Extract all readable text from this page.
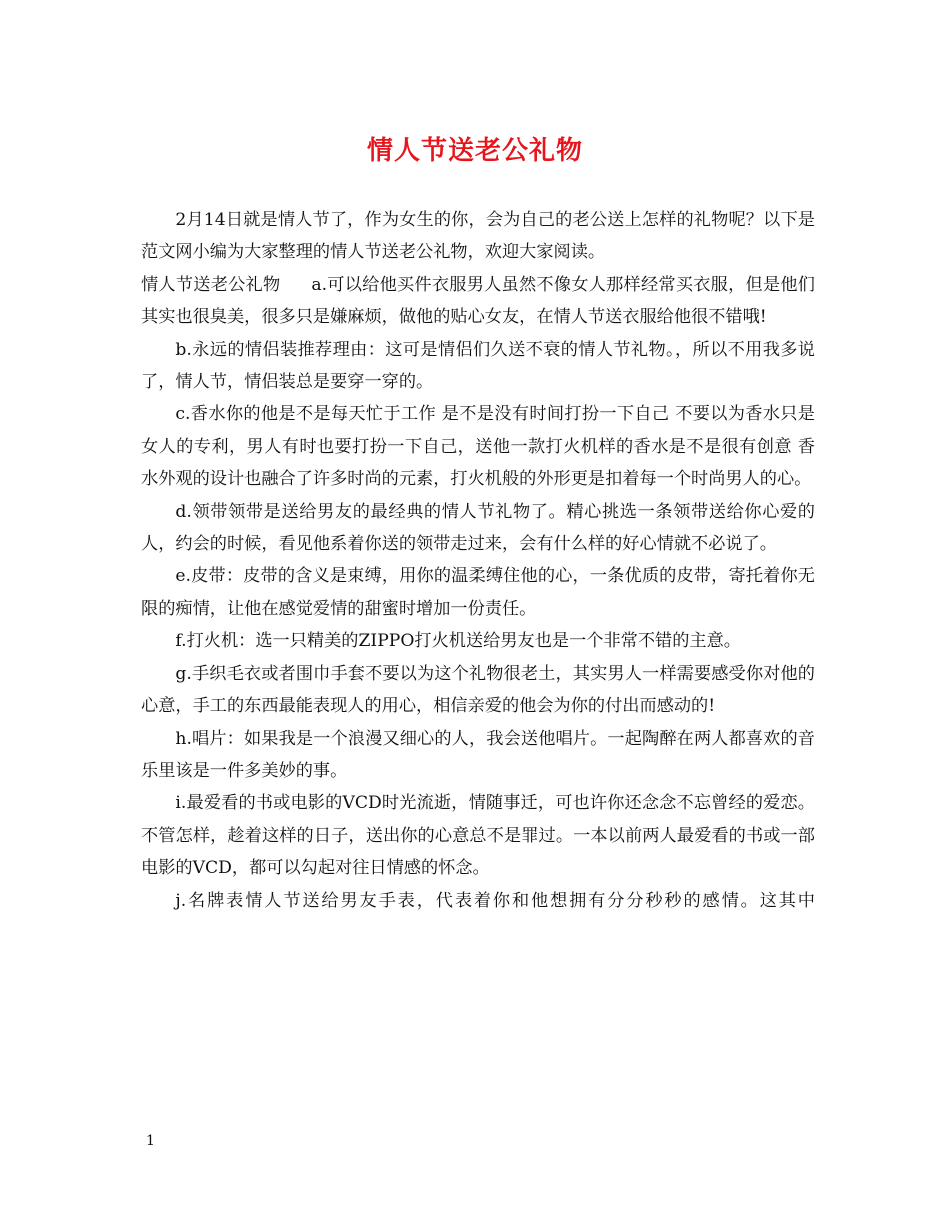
情人节送老公礼物

2月14日就是情人节了，作为女生的你，会为自己的老公送上怎样的礼物呢？以下是范文网小编为大家整理的情人节送老公礼物，欢迎大家阅读。

情人节送老公礼物 a.可以给他买件衣服男人虽然不像女人那样经常买衣服，但是他们其实也很臭美，很多只是嫌麻烦，做他的贴心女友，在情人节送衣服给他很不错哦!

b.永远的情侣装推荐理由：这可是情侣们久送不衰的情人节礼物。，所以不用我多说了，情人节，情侣装总是要穿一穿的。

c.香水你的他是不是每天忙于工作 是不是没有时间打扮一下自己 不要以为香水只是女人的专利，男人有时也要打扮一下自己，送他一款打火机样的香水是不是很有创意 香水外观的设计也融合了许多时尚的元素，打火机般的外形更是扣着每一个时尚男人的心。

d.领带领带是送给男友的最经典的情人节礼物了。精心挑选一条领带送给你心爱的人，约会的时候，看见他系着你送的领带走过来，会有什么样的好心情就不必说了。

e.皮带：皮带的含义是束缚，用你的温柔缚住他的心，一条优质的皮带，寄托着你无限的痴情，让他在感觉爱情的甜蜜时增加一份责任。

f.打火机：选一只精美的ZIPPO打火机送给男友也是一个非常不错的主意。

g.手织毛衣或者围巾手套不要以为这个礼物很老土，其实男人一样需要感受你对他的心意，手工的东西最能表现人的用心，相信亲爱的他会为你的付出而感动的!

h.唱片：如果我是一个浪漫又细心的人，我会送他唱片。一起陶醉在两人都喜欢的音乐里该是一件多美妙的事。

i.最爱看的书或电影的VCD时光流逝，情随事迁，可也许你还念念不忘曾经的爱恋。不管怎样，趁着这样的日子，送出你的心意总不是罪过。一本以前两人最爱看的书或一部电影的VCD，都可以勾起对往日情感的怀念。

j.名牌表情人节送给男友手表，代表着你和他想拥有分分秒秒的感情。这其中

1
